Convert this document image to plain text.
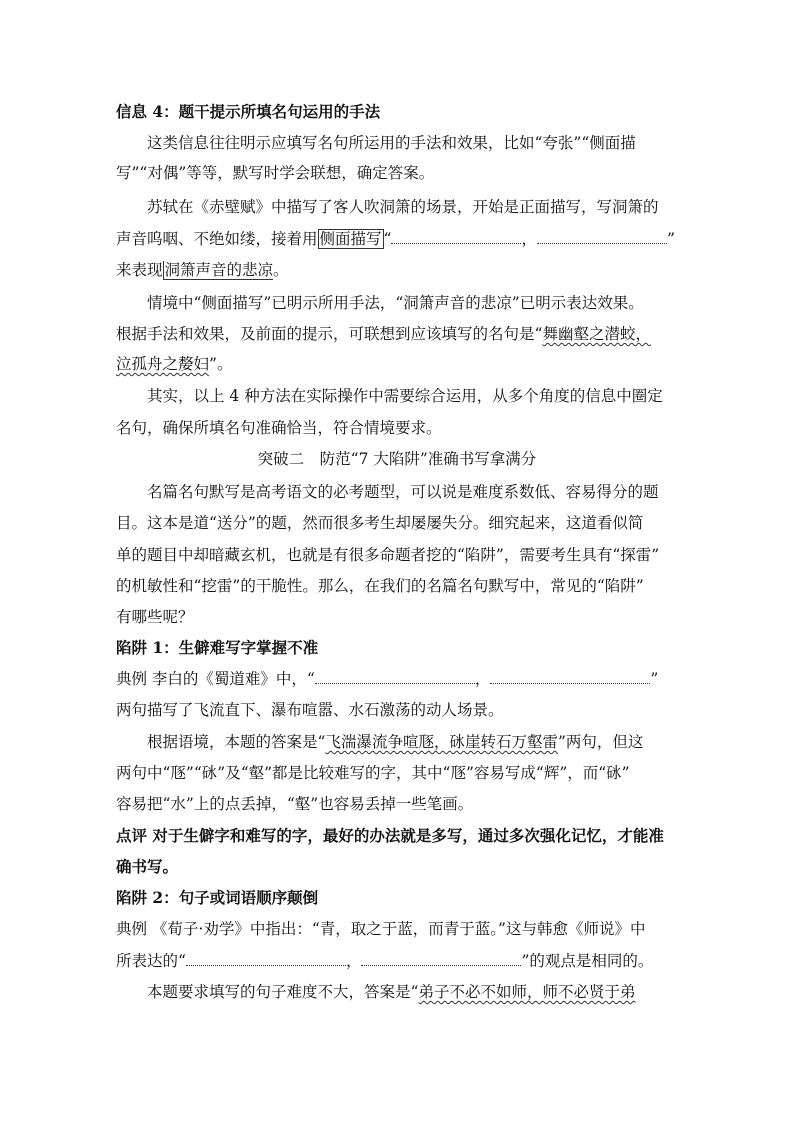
信息 4：题干提示所填名句运用的手法
这类信息往往明示应填写名句所运用的手法和效果，比如“夸张”“侧面描
写”“对偶”等等，默写时学会联想，确定答案。
苏轼在《赤壁赋》中描写了客人吹洞箫的场景，开始是正面描写，写洞箫的
声音呜咽、不绝如缕，接着用 侧面描写 “	，	”
来表现 洞箫声音的悲凉。
情境中“侧面描写”已明示所用手法，“洞箫声音的悲凉”已明示表达效果。
根据手法和效果，及前面的提示，可联想到应该填写的名句是“舞幽壑之潜蛟，
泣孤舟之嫠妇”。
其实，以上 4 种方法在实际操作中需要综合运用，从多个角度的信息中圈定
名句，确保所填名句准确恰当，符合情境要求。
突破二　防范“7 大陷阱”准确书写拿满分
名篇名句默写是高考语文的必考题型，可以说是难度系数低、容易得分的题
目。这本是道“送分”的题，然而很多考生却屡屡失分。细究起来，这道看似简
单的题目中却暗藏玄机，也就是有很多命题者挖的“陷阱”，需要考生具有“探雷”
的机敏性和“挖雷”的干脆性。那么，在我们的名篇名句默写中，常见的“陷阱”
有哪些呢？
陷阱 1：生僻难写字掌握不准
典例 李白的《蜀道难》中，“	，	”
两句描写了飞流直下、瀑布喧嚣、水石激荡的动人场景。
根据语境，本题的答案是“飞湍瀑流争喧豗，砯崖转石万壑雷”两句，但这
两句中“豗”“砯”及“壑”都是比较难写的字，其中“豗”容易写成“辉”，而“砯”
容易把“水”上的点丢掉，“壑”也容易丢掉一些笔画。
点评 对于生僻字和难写的字，最好的办法就是多写，通过多次强化记忆，才能准
确书写。
陷阱 2：句子或词语顺序颠倒
典例 《荀子·劝学》中指出：“青，取之于蓝，而青于蓝。”这与韩愈《师说》中
所表达的“	，	”的观点是相同的。
本题要求填写的句子难度不大，答案是“弟子不必不如师，师不必贤于弟
